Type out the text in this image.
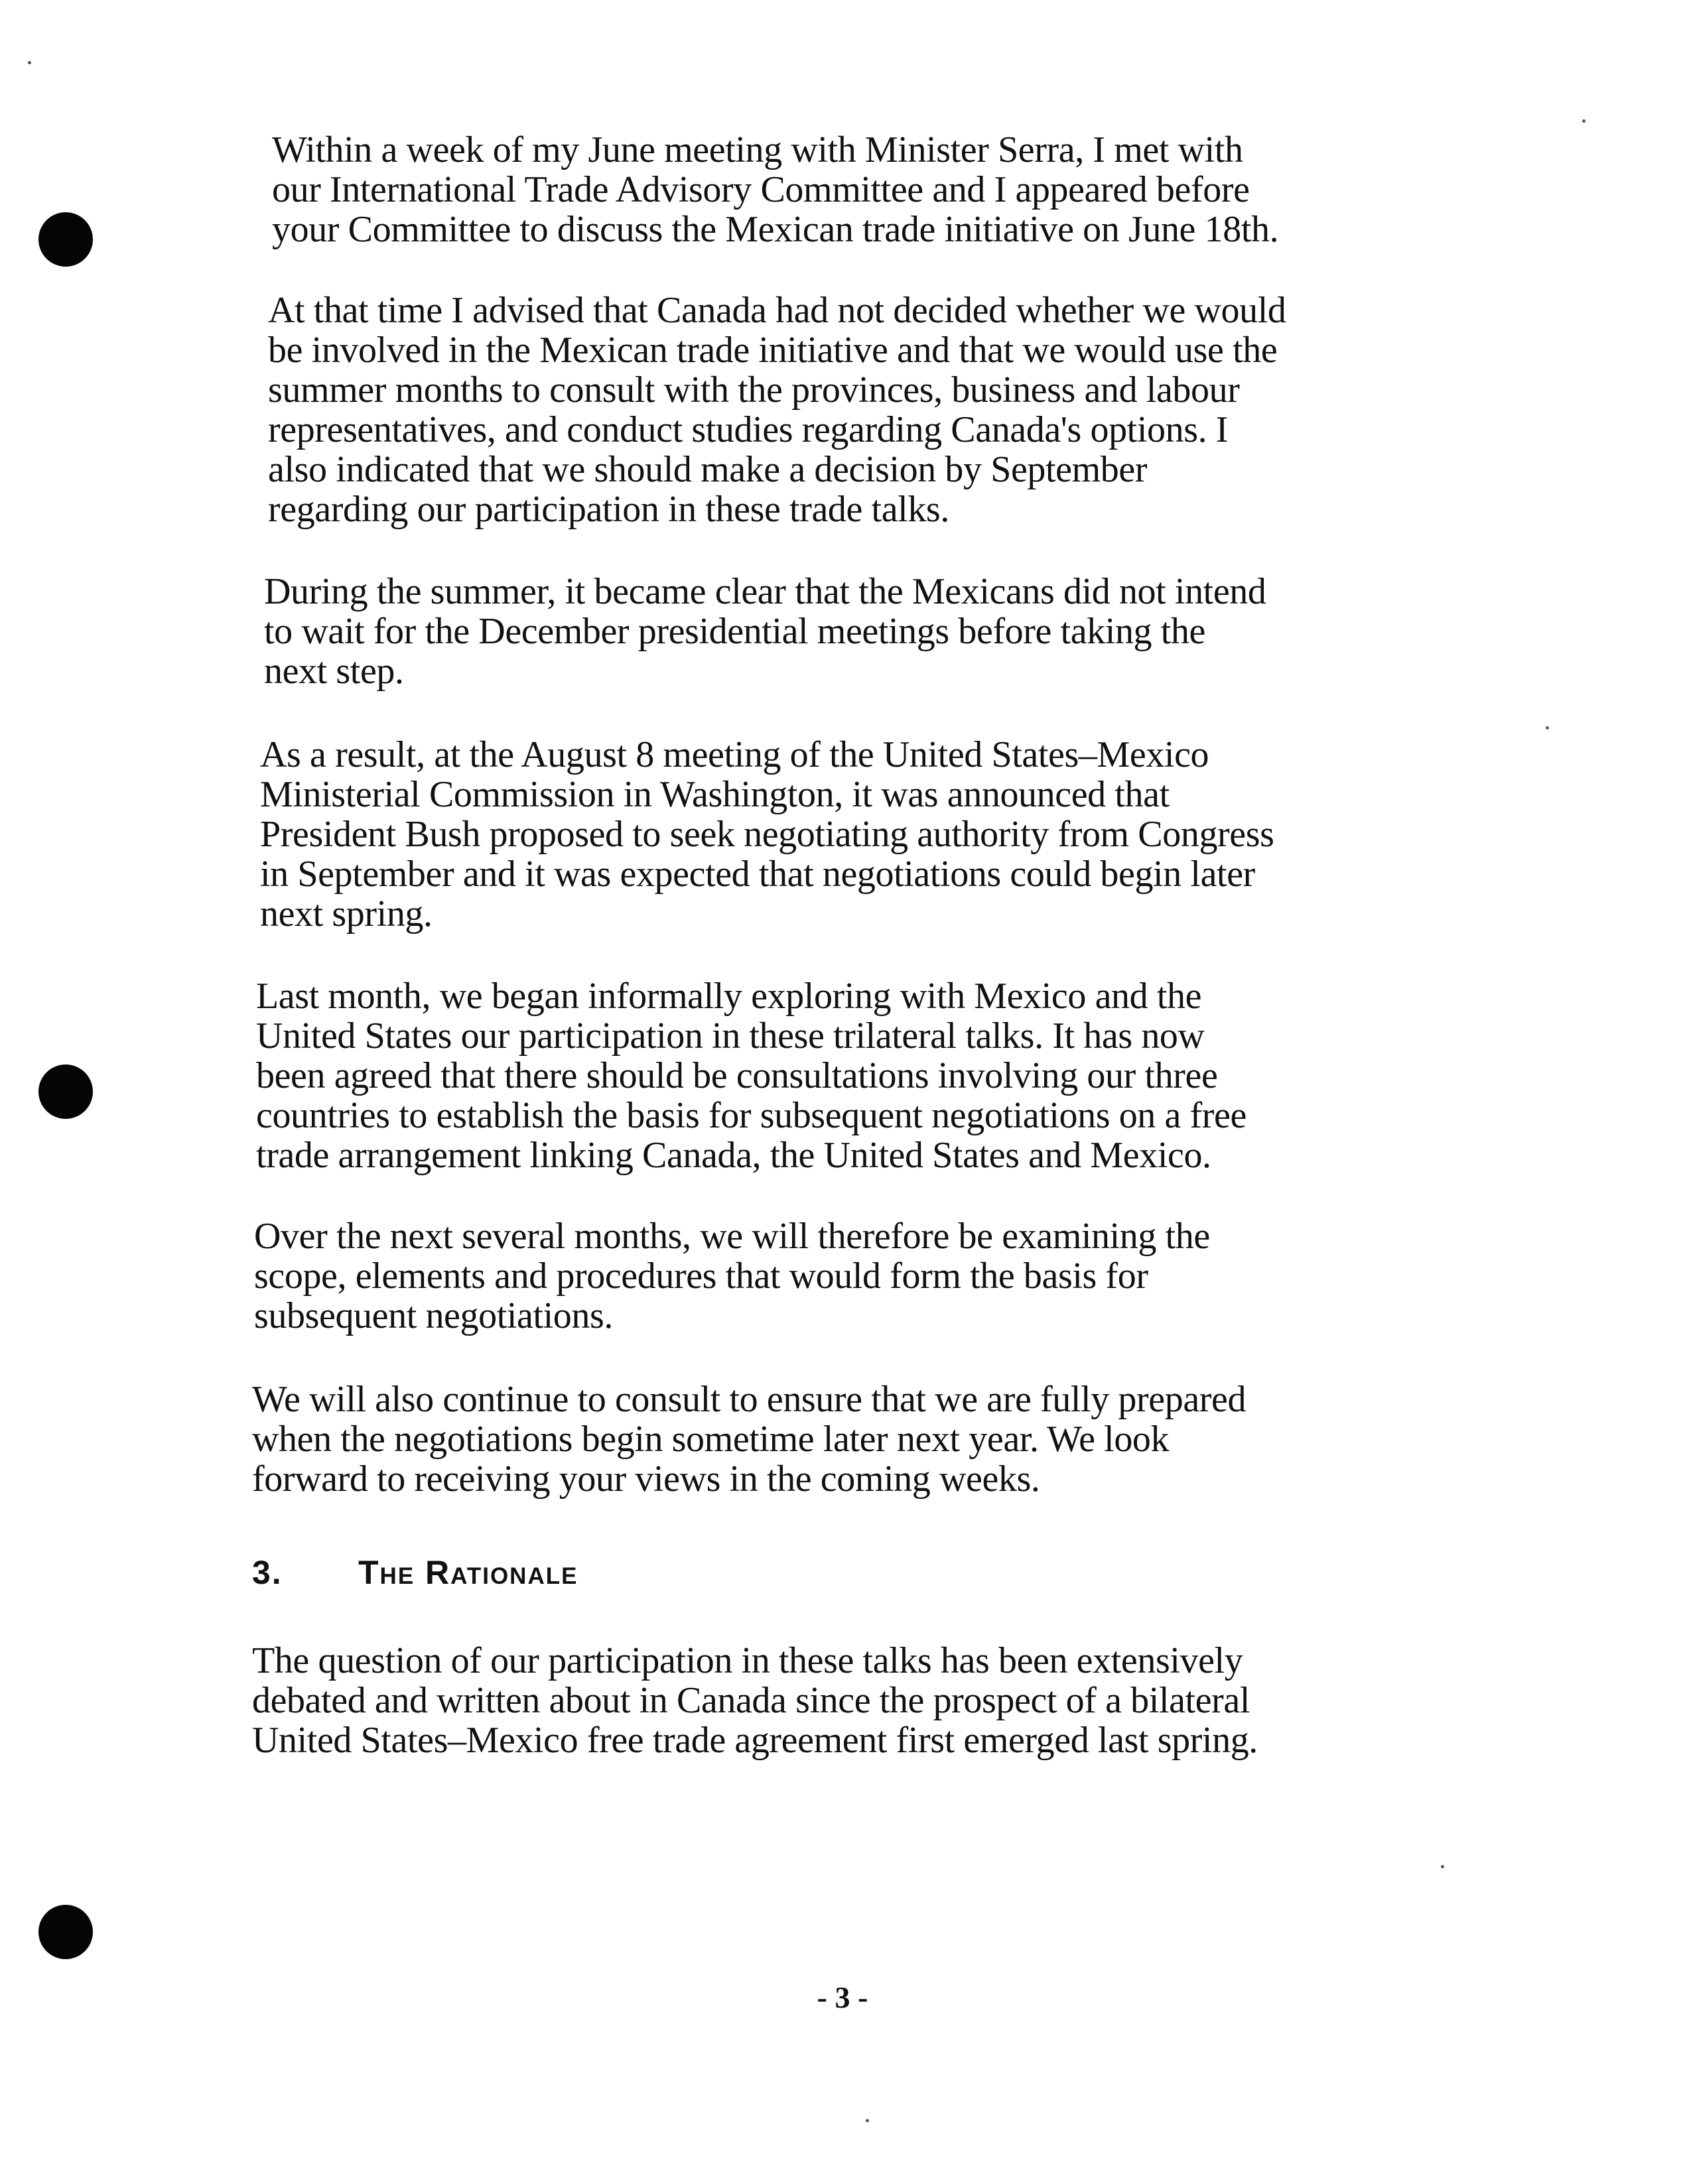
Within a week of my June meeting with Minister Serra, I met with
our International Trade Advisory Committee and I appeared before
your Committee to discuss the Mexican trade initiative on June 18th.

At that time I advised that Canada had not decided whether we would
be involved in the Mexican trade initiative and that we would use the
summer months to consult with the provinces, business and labour
representatives, and conduct studies regarding Canada's options. I
also indicated that we should make a decision by September
regarding our participation in these trade talks.

During the summer, it became clear that the Mexicans did not intend
to wait for the December presidential meetings before taking the
next step.

As a result, at the August 8 meeting of the United States–Mexico
Ministerial Commission in Washington, it was announced that
President Bush proposed to seek negotiating authority from Congress
in September and it was expected that negotiations could begin later
next spring.

Last month, we began informally exploring with Mexico and the
United States our participation in these trilateral talks. It has now
been agreed that there should be consultations involving our three
countries to establish the basis for subsequent negotiations on a free
trade arrangement linking Canada, the United States and Mexico.

Over the next several months, we will therefore be examining the
scope, elements and procedures that would form the basis for
subsequent negotiations.

We will also continue to consult to ensure that we are fully prepared
when the negotiations begin sometime later next year. We look
forward to receiving your views in the coming weeks.

3.	The Rationale

The question of our participation in these talks has been extensively
debated and written about in Canada since the prospect of a bilateral
United States–Mexico free trade agreement first emerged last spring.

- 3 -
